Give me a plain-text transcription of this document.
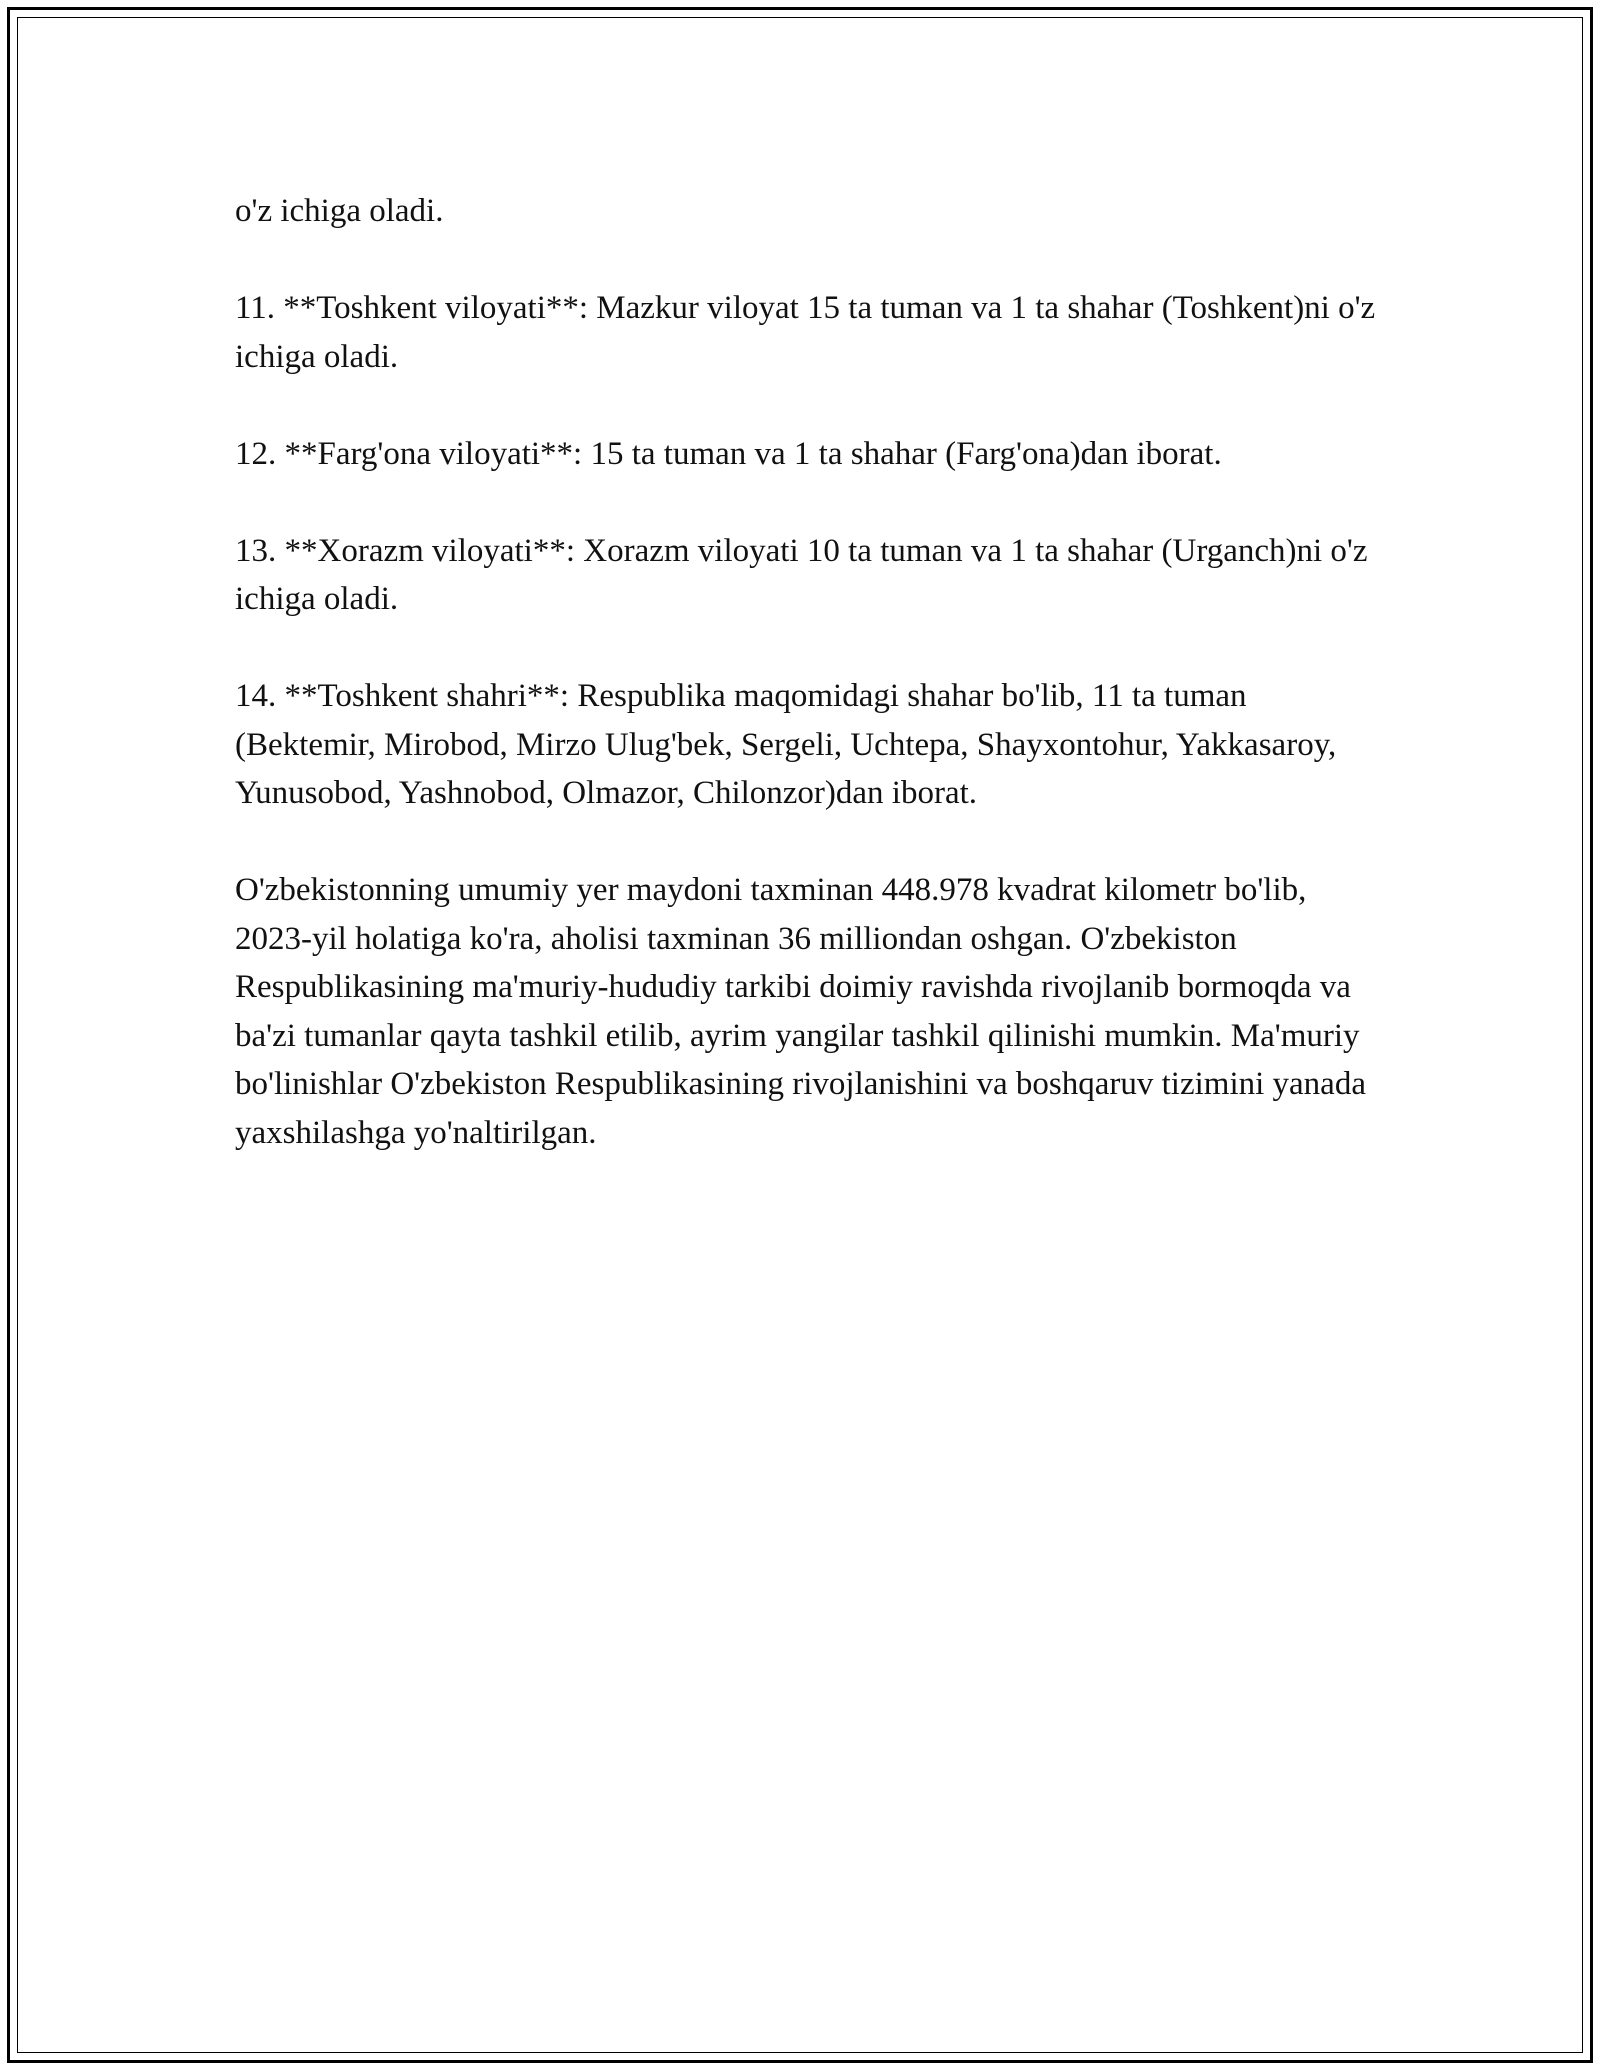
o'z ichiga oladi.

11. **Toshkent viloyati**: Mazkur viloyat 15 ta tuman va 1 ta shahar (Toshkent)ni o'z ichiga oladi.

12. **Farg'ona viloyati**: 15 ta tuman va 1 ta shahar (Farg'ona)dan iborat.

13. **Xorazm viloyati**: Xorazm viloyati 10 ta tuman va 1 ta shahar (Urganch)ni o'z ichiga oladi.

14. **Toshkent shahri**: Respublika maqomidagi shahar bo'lib, 11 ta tuman (Bektemir, Mirobod, Mirzo Ulug'bek, Sergeli, Uchtepa, Shayxontohur, Yakkasaroy, Yunusobod, Yashnobod, Olmazor, Chilonzor)dan iborat.

O'zbekistonning umumiy yer maydoni taxminan 448.978 kvadrat kilometr bo'lib, 2023-yil holatiga ko'ra, aholisi taxminan 36 milliondan oshgan. O'zbekiston Respublikasining ma'muriy-hududiy tarkibi doimiy ravishda rivojlanib bormoqda va ba'zi tumanlar qayta tashkil etilib, ayrim yangilar tashkil qilinishi mumkin. Ma'muriy bo'linishlar O'zbekiston Respublikasining rivojlanishini va boshqaruv tizimini yanada yaxshilashga yo'naltirilgan.
